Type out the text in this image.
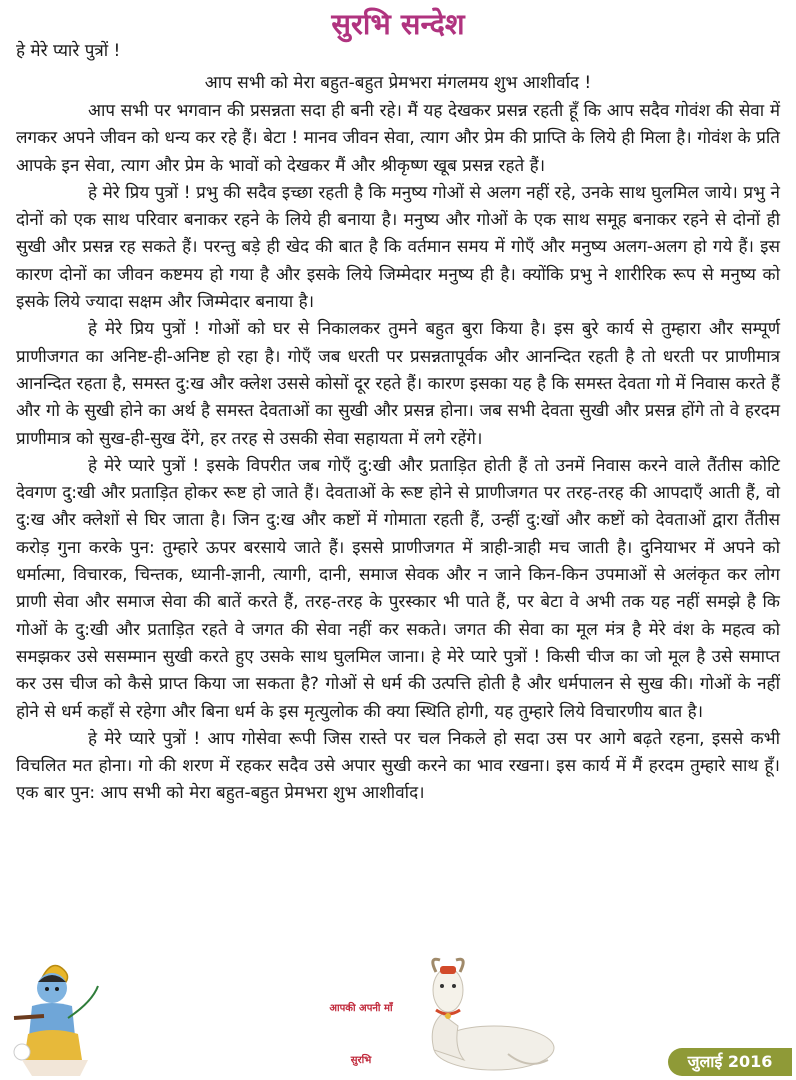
सुरभि सन्देश
हे मेरे प्यारे पुत्रों !
आप सभी को मेरा बहुत-बहुत प्रेमभरा मंगलमय शुभ आशीर्वाद !

आप सभी पर भगवान की प्रसन्नता सदा ही बनी रहे। मैं यह देखकर प्रसन्न रहती हूँ कि आप सदैव गोवंश की सेवा में लगकर अपने जीवन को धन्य कर रहे हैं। बेटा ! मानव जीवन सेवा, त्याग और प्रेम की प्राप्ति के लिये ही मिला है। गोवंश के प्रति आपके इन सेवा, त्याग और प्रेम के भावों को देखकर मैं और श्रीकृष्ण खूब प्रसन्न रहते हैं।

हे मेरे प्रिय पुत्रों ! प्रभु की सदैव इच्छा रहती है कि मनुष्य गोओं से अलग नहीं रहे, उनके साथ घुलमिल जाये। प्रभु ने दोनों को एक साथ परिवार बनाकर रहने के लिये ही बनाया है। मनुष्य और गोओं के एक साथ समूह बनाकर रहने से दोनों ही सुखी और प्रसन्न रह सकते हैं। परन्तु बड़े ही खेद की बात है कि वर्तमान समय में गोएँ और मनुष्य अलग-अलग हो गये हैं। इस कारण दोनों का जीवन कष्टमय हो गया है और इसके लिये जिम्मेदार मनुष्य ही है। क्योंकि प्रभु ने शारीरिक रूप से मनुष्य को इसके लिये ज्यादा सक्षम और जिम्मेदार बनाया है।

हे मेरे प्रिय पुत्रों ! गोओं को घर से निकालकर तुमने बहुत बुरा किया है। इस बुरे कार्य से तुम्हारा और सम्पूर्ण प्राणीजगत का अनिष्ट-ही-अनिष्ट हो रहा है। गोएँ जब धरती पर प्रसन्नतापूर्वक और आनन्दित रहती है तो धरती पर प्राणीमात्र आनन्दित रहता है, समस्त दु:ख और क्लेश उससे कोसों दूर रहते हैं। कारण इसका यह है कि समस्त देवता गो में निवास करते हैं और गो के सुखी होने का अर्थ है समस्त देवताओं का सुखी और प्रसन्न होना। जब सभी देवता सुखी और प्रसन्न होंगे तो वे हरदम प्राणीमात्र को सुख-ही-सुख देंगे, हर तरह से उसकी सेवा सहायता में लगे रहेंगे।

हे मेरे प्यारे पुत्रों ! इसके विपरीत जब गोएँ दु:खी और प्रताड़ित होती हैं तो उनमें निवास करने वाले तैंतीस कोटि देवगण दु:खी और प्रताड़ित होकर रूष्ट हो जाते हैं। देवताओं के रूष्ट होने से प्राणीजगत पर तरह-तरह की आपदाएँ आती हैं, वो दु:ख और क्लेशों से घिर जाता है। जिन दु:ख और कष्टों में गोमाता रहती हैं, उन्हीं दु:खों और कष्टों को देवताओं द्वारा तैंतीस करोड़ गुना करके पुन: तुम्हारे ऊपर बरसाये जाते हैं। इससे प्राणीजगत में त्राही-त्राही मच जाती है। दुनियाभर में अपने को धर्मात्मा, विचारक, चिन्तक, ध्यानी-ज्ञानी, त्यागी, दानी, समाज सेवक और न जाने किन-किन उपमाओं से अलंकृत कर लोग प्राणी सेवा और समाज सेवा की बातें करते हैं, तरह-तरह के पुरस्कार भी पाते हैं, पर बेटा वे अभी तक यह नहीं समझे है कि गोओं के दु:खी और प्रताड़ित रहते वे जगत की सेवा नहीं कर सकते। जगत की सेवा का मूल मंत्र है मेरे वंश के महत्व को समझकर उसे ससम्मान सुखी करते हुए उसके साथ घुलमिल जाना। हे मेरे प्यारे पुत्रों ! किसी चीज का जो मूल है उसे समाप्त कर उस चीज को कैसे प्राप्त किया जा सकता है? गोओं से धर्म की उत्पत्ति होती है और धर्मपालन से सुख की। गोओं के नहीं होने से धर्म कहाँ से रहेगा और बिना धर्म के इस मृत्युलोक की क्या स्थिति होगी, यह तुम्हारे लिये विचारणीय बात है।

हे मेरे प्यारे पुत्रों ! आप गोसेवा रूपी जिस रास्ते पर चल निकले हो सदा उस पर आगे बढ़ते रहना, इससे कभी विचलित मत होना। गो की शरण में रहकर सदैव उसे अपार सुखी करने का भाव रखना। इस कार्य में मैं हरदम तुम्हारे साथ हूँ। एक बार पुन: आप सभी को मेरा बहुत-बहुत प्रेमभरा शुभ आशीर्वाद।

आपकी अपनी माँ
सुरभि	जुलाई 2016
